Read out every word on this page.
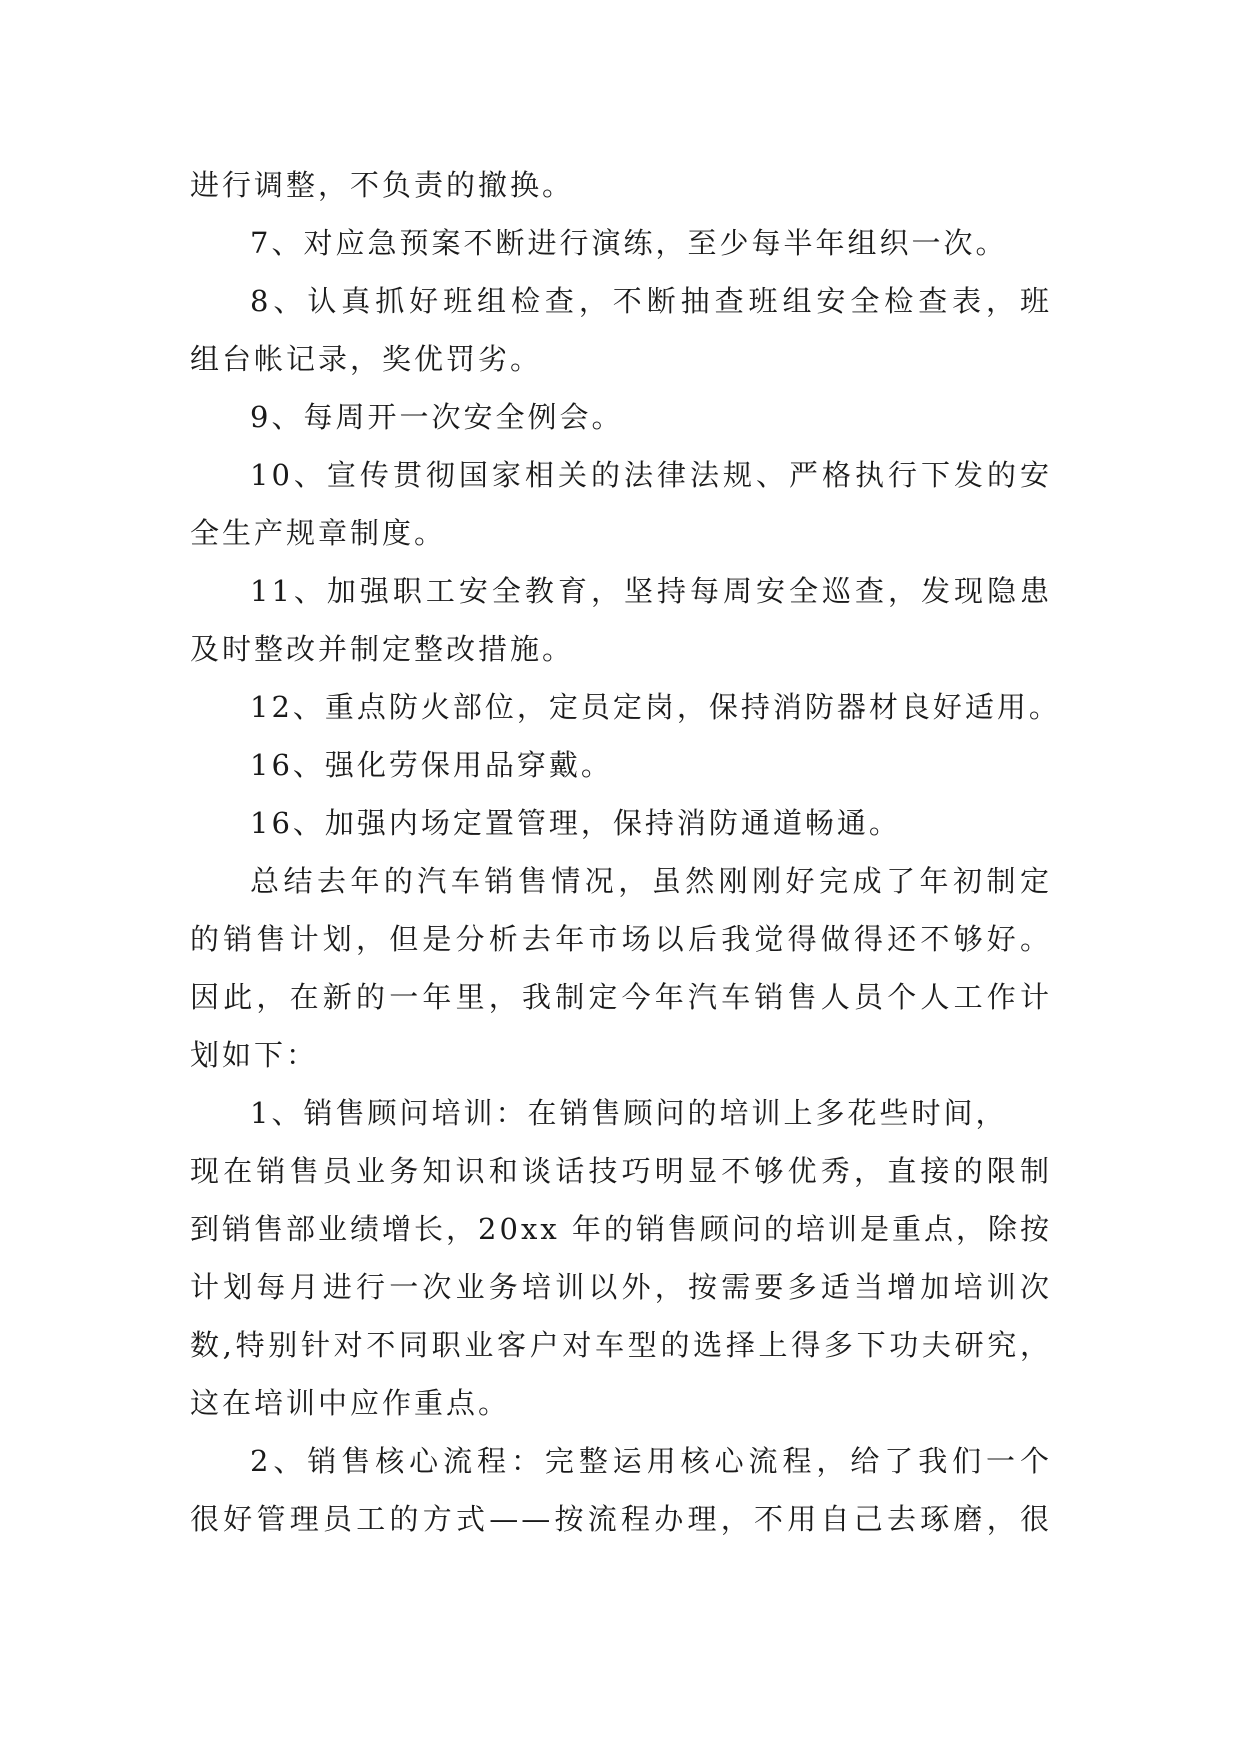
进行调整，不负责的撤换。
7、对应急预案不断进行演练，至少每半年组织一次。
8、认真抓好班组检查，不断抽查班组安全检查表，班
组台帐记录，奖优罚劣。
9、每周开一次安全例会。
10、宣传贯彻国家相关的法律法规、严格执行下发的安
全生产规章制度。
11、加强职工安全教育，坚持每周安全巡查，发现隐患
及时整改并制定整改措施。
12、重点防火部位，定员定岗，保持消防器材良好适用。
16、强化劳保用品穿戴。
16、加强内场定置管理，保持消防通道畅通。
总结去年的汽车销售情况，虽然刚刚好完成了年初制定
的销售计划，但是分析去年市场以后我觉得做得还不够好。
因此，在新的一年里，我制定今年汽车销售人员个人工作计
划如下：
1、销售顾问培训：在销售顾问的培训上多花些时间，
现在销售员业务知识和谈话技巧明显不够优秀，直接的限制
到销售部业绩增长，20xx 年的销售顾问的培训是重点，除按
计划每月进行一次业务培训以外，按需要多适当增加培训次
数,特别针对不同职业客户对车型的选择上得多下功夫研究，
这在培训中应作重点。
2、销售核心流程：完整运用核心流程，给了我们一个
很好管理员工的方式——按流程办理，不用自己去琢磨，很
